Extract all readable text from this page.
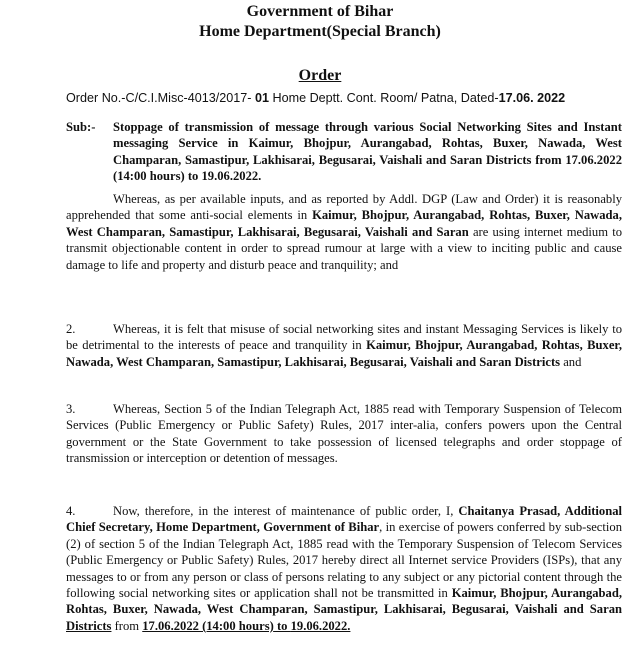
Government of Bihar
Home Department(Special Branch)
Order
Order No.-C/C.I.Misc-4013/2017- 01 Home Deptt. Cont. Room/ Patna, Dated-17.06. 2022
Sub:- Stoppage of transmission of message through various Social Networking Sites and Instant messaging Service in Kaimur, Bhojpur, Aurangabad, Rohtas, Buxer, Nawada, West Champaran, Samastipur, Lakhisarai, Begusarai, Vaishali and Saran Districts from 17.06.2022 (14:00 hours) to 19.06.2022.
Whereas, as per available inputs, and as reported by Addl. DGP (Law and Order) it is reasonably apprehended that some anti-social elements in Kaimur, Bhojpur, Aurangabad, Rohtas, Buxer, Nawada, West Champaran, Samastipur, Lakhisarai, Begusarai, Vaishali and Saran are using internet medium to transmit objectionable content in order to spread rumour at large with a view to inciting public and cause damage to life and property and disturb peace and tranquility; and
2.	Whereas, it is felt that misuse of social networking sites and instant Messaging Services is likely to be detrimental to the interests of peace and tranquility in Kaimur, Bhojpur, Aurangabad, Rohtas, Buxer, Nawada, West Champaran, Samastipur, Lakhisarai, Begusarai, Vaishali and Saran Districts and
3.	Whereas, Section 5 of the Indian Telegraph Act, 1885 read with Temporary Suspension of Telecom Services (Public Emergency or Public Safety) Rules, 2017 inter-alia, confers powers upon the Central government or the State Government to take possession of licensed telegraphs and order stoppage of transmission or interception or detention of messages.
4.	Now, therefore, in the interest of maintenance of public order, I, Chaitanya Prasad, Additional Chief Secretary, Home Department, Government of Bihar, in exercise of powers conferred by sub-section (2) of section 5 of the Indian Telegraph Act, 1885 read with the Temporary Suspension of Telecom Services (Public Emergency or Public Safety) Rules, 2017 hereby direct all Internet service Providers (ISPs), that any messages to or from any person or class of persons relating to any subject or any pictorial content through the following social networking sites or application shall not be transmitted in Kaimur, Bhojpur, Aurangabad, Rohtas, Buxer, Nawada, West Champaran, Samastipur, Lakhisarai, Begusarai, Vaishali and Saran Districts from 17.06.2022 (14:00 hours) to 19.06.2022.
